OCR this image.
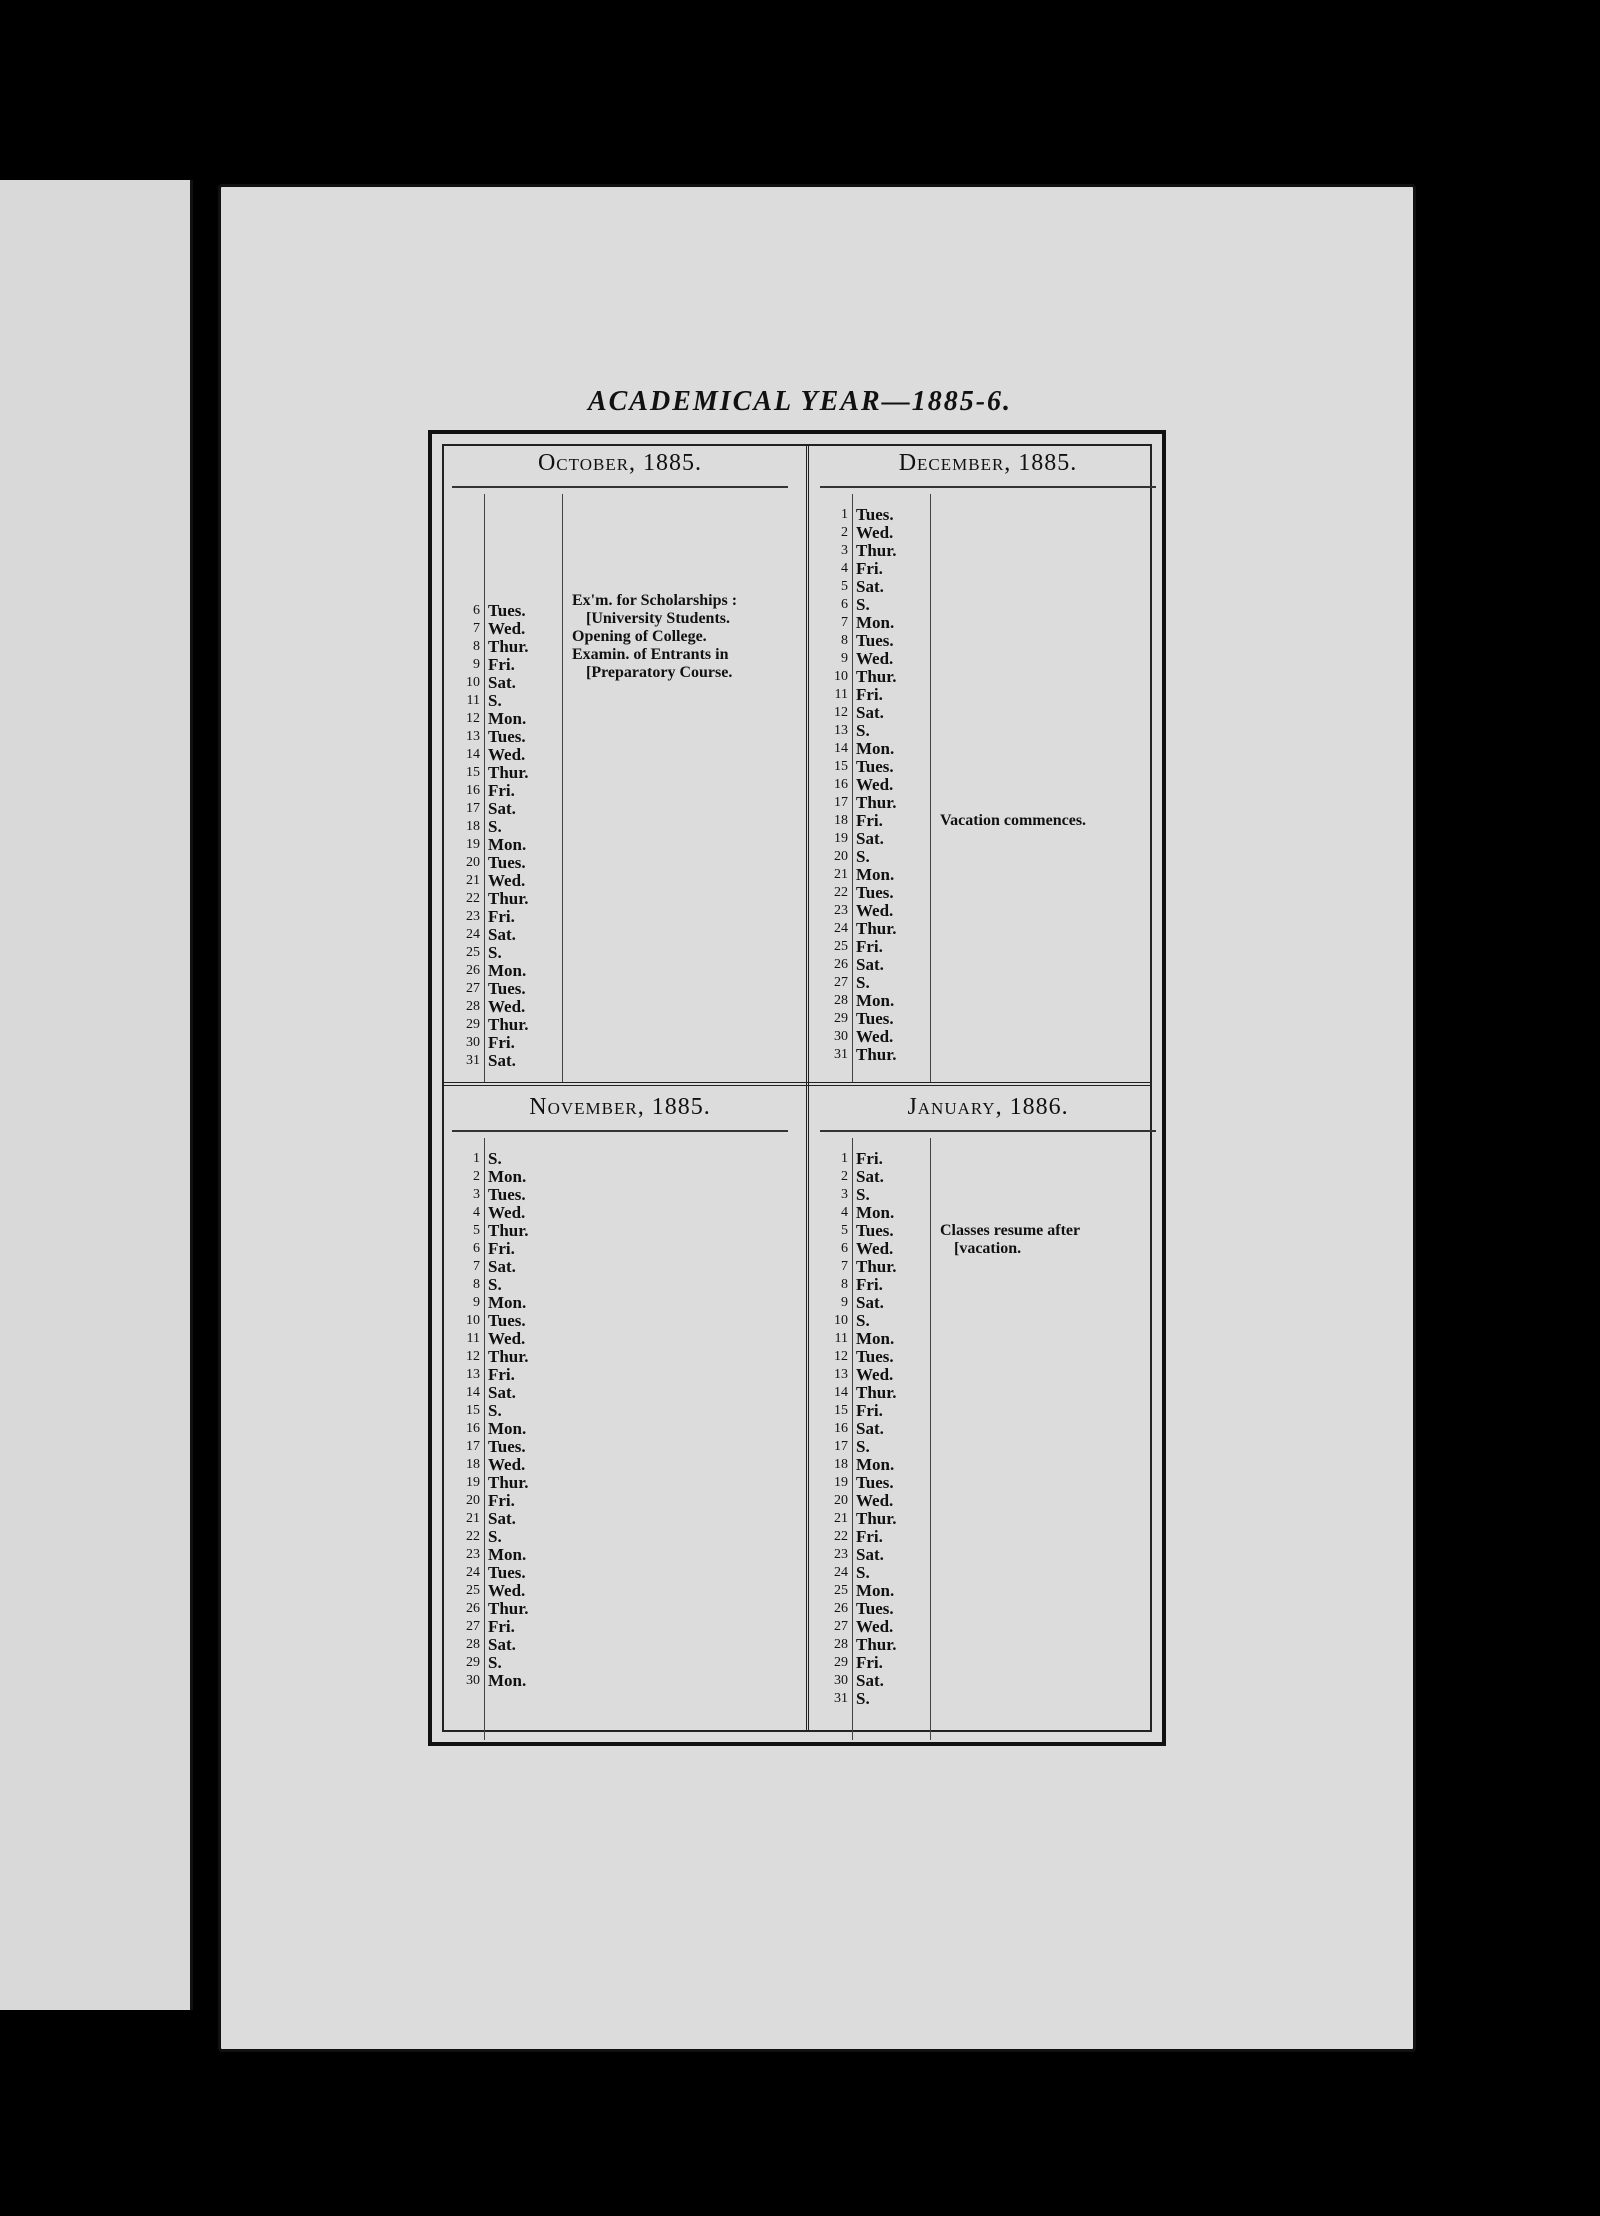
ACADEMICAL YEAR—1885-6.
October, 1885.
6 Tues.
7 Wed.
8 Thur.
9 Fri.
10 Sat.
11 S.
12 Mon.
13 Tues.
14 Wed.
15 Thur.
16 Fri.
17 Sat.
18 S.
19 Mon.
20 Tues.
21 Wed.
22 Thur.
23 Fri.
24 Sat.
25 S.
26 Mon.
27 Tues.
28 Wed.
29 Thur.
30 Fri.
31 Sat.
Ex'm. for Scholarships :
[University Students.
Opening of College.
Examin. of Entrants in
[Preparatory Course.
December, 1885.
1 Tues.
2 Wed.
3 Thur.
4 Fri.
5 Sat.
6 S.
7 Mon.
8 Tues.
9 Wed.
10 Thur.
11 Fri.
12 Sat.
13 S.
14 Mon.
15 Tues.
16 Wed.
17 Thur.
18 Fri.
19 Sat.
20 S.
21 Mon.
22 Tues.
23 Wed.
24 Thur.
25 Fri.
26 Sat.
27 S.
28 Mon.
29 Tues.
30 Wed.
31 Thur.
Vacation commences.
November, 1885.
1 S.
2 Mon.
3 Tues.
4 Wed.
5 Thur.
6 Fri.
7 Sat.
8 S.
9 Mon.
10 Tues.
11 Wed.
12 Thur.
13 Fri.
14 Sat.
15 S.
16 Mon.
17 Tues.
18 Wed.
19 Thur.
20 Fri.
21 Sat.
22 S.
23 Mon.
24 Tues.
25 Wed.
26 Thur.
27 Fri.
28 Sat.
29 S.
30 Mon.
January, 1886.
1 Fri.
2 Sat.
3 S.
4 Mon.
5 Tues.
6 Wed.
7 Thur.
8 Fri.
9 Sat.
10 S.
11 Mon.
12 Tues.
13 Wed.
14 Thur.
15 Fri.
16 Sat.
17 S.
18 Mon.
19 Tues.
20 Wed.
21 Thur.
22 Fri.
23 Sat.
24 S.
25 Mon.
26 Tues.
27 Wed.
28 Thur.
29 Fri.
30 Sat.
31 S.
Classes resume after
[vacation.
